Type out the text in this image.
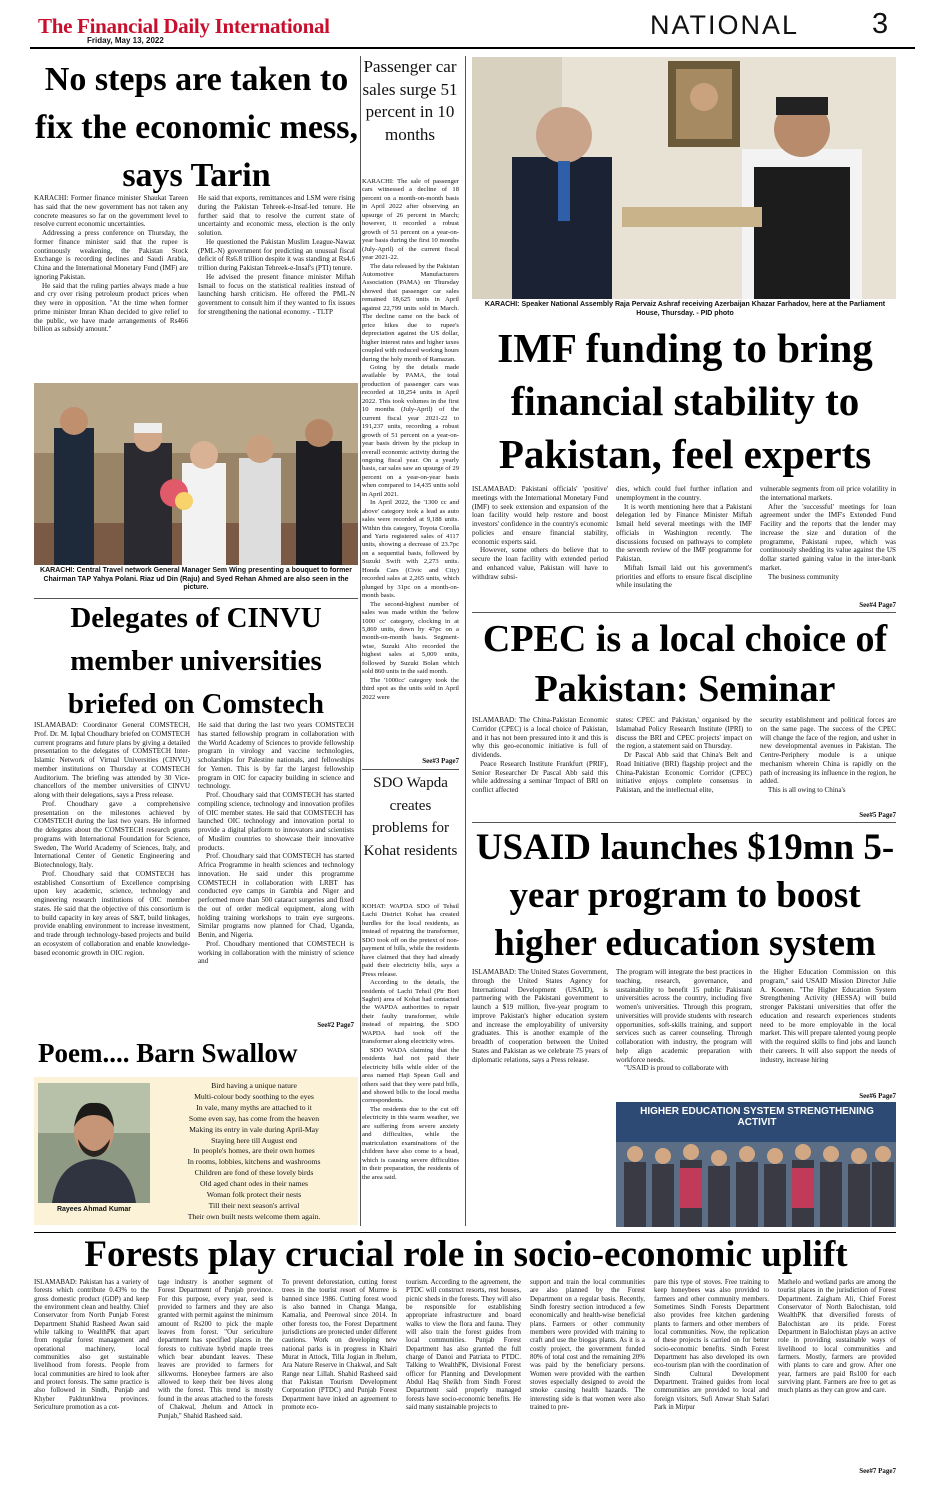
The Financial Daily International
Friday, May 13, 2022
NATIONAL	3
No steps are taken to fix the economic mess, says Tarin

KARACHI: Former finance minister Shaukat Tareen has said that the new government has not taken any concrete measures so far on the government level to resolve current economic uncertainties.

Addressing a press conference on Thursday, the former finance minister said that the rupee is continuously weakening, the Pakistan Stock Exchange is recording declines and Saudi Arabia, China and the International Monetary Fund (IMF) are ignoring Pakistan.

He said that the ruling parties always made a hue and cry over rising petroleum product prices when they were in opposition. "At the time when former prime minister Imran Khan decided to give relief to the public, we have made arrangements of Rs466 billion as subsidy amount."

He said that exports, remittances and LSM were rising during the Pakistan Tehreek-e-Insaf-led tenure. He further said that to resolve the current state of uncertainty and economic mess, election is the only solution.

He questioned the Pakistan Muslim League-Nawaz (PML-N) government for predicting an unusual fiscal deficit of Rs6.8 trillion despite it was standing at Rs4.6 trillion during Pakistan Tehreek-e-Insaf's (PTI) tenure.

He advised the present finance minister Miftah Ismail to focus on the statistical realities instead of launching harsh criticism. He offered the PML-N government to consult him if they wanted to fix issues for strengthening the national economy. - TLTP

KARACHI: Central Travel network General Manager Sem Wing presenting a bouquet to former Chairman TAP Yahya Polani. Riaz ud Din (Raju) and Syed Rehan Ahmed are also seen in the picture.
Passenger car sales surge 51 percent in 10 months

KARACHI: The sale of passenger cars witnessed a decline of 18 percent on a month-on-month basis in April 2022 after observing an upsurge of 26 percent in March; however, it recorded a robust growth of 51 percent on a year-on-year basis during the first 10 months (July-April) of the current fiscal year 2021-22.

The data released by the Pakistan Automotive Manufacturers Association (PAMA) on Thursday showed that passenger car sales remained 18,625 units in April against 22,799 units sold in March. The decline came on the back of price hikes due to rupee's depreciation against the US dollar, higher interest rates and higher taxes coupled with reduced working hours during the holy month of Ramazan.

Going by the details made available by PAMA, the total production of passenger cars was recorded at 18,254 units in April 2022. This took volumes in the first 10 months (July-April) of the current fiscal year 2021-22 to 191,237 units, recording a robust growth of 51 percent on a year-on-year basis driven by the pickup in overall economic activity during the ongoing fiscal year. On a yearly basis, car sales saw an upsurge of 29 percent on a year-on-year basis when compared to 14,435 units sold in April 2021.

In April 2022, the '1300 cc and above' category took a lead as auto sales were recorded at 9,188 units. Within this category, Toyota Corolla and Yaris registered sales of 4117 units, showing a decrease of 23.7pc on a sequential basis, followed by Suzuki Swift with 2,273 units. Honda Cars (Civic and City) recorded sales at 2,265 units, which plunged by 31pc on a month-on-month basis.

The second-highest number of sales was made within the 'below 1000 cc' category, clocking in at 5,869 units, down by 47pc on a month-on-month basis. Segment-wise, Suzuki Alto recorded the highest sales at 5,009 units, followed by Suzuki Bolan which sold 860 units in the said month.

The '1000cc' category took the third spot as the units sold in April 2022 were

See#3 Page7
SDO Wapda creates problems for Kohat residents

KOHAT: WAPDA SDO of Tehsil Lachi District Kohat has created hurdles for the local residents, as instead of repairing the transformer, SDO took off on the pretext of non-payment of bills, while the residents have claimed that they had already paid their electricity bills, says a Press release.

According to the details, the residents of Lachi Tehsil (Pir Bori Saghri) area of Kohat had contacted the WAPDA authorities to repair their faulty transformer, while instead of repairing, the SDO WAPDA had took off the transformer along electricity wires.

SDO WADA claiming that the residents had not paid their electricity bills while elder of the area named Haji Spean Gull and others said that they were paid bills, and showed bills to the local media correspondents.

The residents due to the cut off electricity in this warm weather, we are suffering from severe anxiety and difficulties, while the matriculation examinations of the children have also come to a head, which is causing severe difficulties in their preparation, the residents of the area said.

KARACHI: Speaker National Assembly Raja Pervaiz Ashraf receiving Azerbaijan Khazar Farhadov, here at the Parliament House, Thursday. - PID photo
IMF funding to bring financial stability to Pakistan, feel experts

ISLAMABAD: Pakistani officials' 'positive' meetings with the International Monetary Fund (IMF) to seek extension and expansion of the loan facility would help restore and boost investors' confidence in the country's economic policies and ensure financial stability, economic experts said.

However, some others do believe that to secure the loan facility with extended period and enhanced value, Pakistan will have to withdraw subsi-

dies, which could fuel further inflation and unemployment in the country.

It is worth mentioning here that a Pakistani delegation led by Finance Minister Miftah Ismail held several meetings with the IMF officials in Washington recently. The discussions focused on pathways to complete the seventh review of the IMF programme for Pakistan.

Miftah Ismail laid out his government's priorities and efforts to ensure fiscal discipline while insulating the

vulnerable segments from oil price volatility in the international markets.

After the 'successful' meetings for loan agreement under the IMF's Extended Fund Facility and the reports that the lender may increase the size and duration of the programme, Pakistani rupee, which was continuously shedding its value against the US dollar started gaining value in the inter-bank market.

The business community

See#4 Page7
Delegates of CINVU member universities briefed on Comstech

ISLAMABAD: Coordinator General COMSTECH, Prof. Dr. M. Iqbal Choudhary briefed on COMSTECH current programs and future plans by giving a detailed presentation to the delegates of COMSTECH Inter-Islamic Network of Virtual Universities (CINVU) member institutions on Thursday at COMSTECH Auditorium. The briefing was attended by 30 Vice-chancellors of the member universities of CINVU along with their delegations, says a Press release.

Prof. Choudhary gave a comprehensive presentation on the milestones achieved by COMSTECH during the last two years. He informed the delegates about the COMSTECH research grants programs with International Foundation for Science, Sweden, The World Academy of Sciences, Italy, and International Center of Genetic Engineering and Biotechnology, Italy.

Prof. Choudhary said that COMSTECH has established Consortium of Excellence comprising upon key academic, science, technology and engineering research institutions of OIC member states. He said that the objective of this consortium is to build capacity in key areas of S&T, build linkages, provide enabling environment to increase investment, and trade through technology-based projects and build an ecosystem of collaboration and enable knowledge-based economic growth in OIC region.

He said that during the last two years COMSTECH has started fellowship program in collaboration with the World Academy of Sciences to provide fellowship program in virology and vaccine technologies, scholarships for Palestine nationals, and fellowships for Yemen. This is by far the largest fellowship program in OIC for capacity building in science and technology.

Prof. Choudhary said that COMSTECH has started compiling science, technology and innovation profiles of OIC member states. He said that COMSTECH has launched OIC technology and innovation portal to provide a digital platform to innovators and scientists of Muslim countries to showcase their innovative products.

Prof. Choudhary said that COMSTECH has started Africa Programme in health sciences and technology innovation. He said under this programme COMSTECH in collaboration with LRBT has conducted eye camps in Gambia and Niger and performed more than 500 cataract surgeries and fixed the out of order medical equipment, along with holding training workshops to train eye surgeons. Similar programs now planned for Chad, Uganda, Benin, and Nigeria.

Prof. Choudhary mentioned that COMSTECH is working in collaboration with the ministry of science and

See#2 Page7
CPEC is a local choice of Pakistan: Seminar

ISLAMABAD: The China-Pakistan Economic Corridor (CPEC) is a local choice of Pakistan, and it has not been pressured into it and this is why this geo-economic initiative is full of dividends.

Peace Research Institute Frankfurt (PRIF), Senior Researcher Dr Pascal Abb said this while addressing a seminar 'Impact of BRI on conflict affected

states: CPEC and Pakistan,' organised by the Islamabad Policy Research Institute (IPRI) to discuss the BRI and CPEC projects' impact on the region, a statement said on Thursday.

Dr Pascal Abb said that China's Belt and Road Initiative (BRI) flagship project and the China-Pakistan Economic Corridor (CPEC) initiative enjoys complete consensus in Pakistan, and the intellectual elite,

security establishment and political forces are on the same page. The success of the CPEC will change the face of the region, and usher in new developmental avenues in Pakistan. The Centre-Periphery module is a unique mechanism wherein China is rapidly on the path of increasing its influence in the region, he added.

This is all owing to China's

See#5 Page7
USAID launches $19mn 5-year program to boost higher education system

ISLAMABAD: The United States Government, through the United States Agency for International Development (USAID), is partnering with the Pakistani government to launch a $19 million, five-year program to improve Pakistan's higher education system and increase the employability of university graduates. This is another example of the breadth of cooperation between the United States and Pakistan as we celebrate 75 years of diplomatic relations, says a Press release.

The program will integrate the best practices in teaching, research, governance, and sustainability to benefit 15 public Pakistani universities across the country, including five women's universities. Through this program, universities will provide students with research opportunities, soft-skills training, and support services such as career counseling. Through collaboration with industry, the program will help align academic preparation with workforce needs.

"USAID is proud to collaborate with

the Higher Education Commission on this program," said USAID Mission Director Julie A. Koenen. "The Higher Education System Strengthening Activity (HESSA) will build stronger Pakistani universities that offer the education and research experiences students need to be more employable in the local market. This will prepare talented young people with the required skills to find jobs and launch their careers. It will also support the needs of industry, increase hiring

See#6 Page7
HIGHER EDUCATION SYSTEM STRENGTHENING ACTIVIT
Poem.... Barn Swallow
Rayees Ahmad Kumar
Bird having a unique nature
Multi-colour body soothing to the eyes
In vale, many myths are attached to it
Some even say, has come from the heaven
Making its entry in vale during April-May
Staying here till August end
In people's homes, are their own homes
In rooms, lobbies, kitchens and washrooms
Children are fond of these lovely birds
Old aged chant odes in their names
Woman folk protect their nests
Till their next season's arrival
Their own built nests welcome them again.
Forests play crucial role in socio-economic uplift

ISLAMABAD: Pakistan has a variety of forests which contribute 0.43% to the gross domestic product (GDP) and keep the environment clean and healthy. Chief Conservator from North Punjab Forest Department Shahid Rasheed Awan said while talking to WealthPK that apart from regular forest management and operational machinery, local communities also get sustainable livelihood from forests. People from local communities are hired to look after and protect forests. The same practice is also followed in Sindh, Punjab and Khyber Pakhtunkhwa provinces. Sericulture promotion as a cot-

tage industry is another segment of Forest Department of Punjab province. For this purpose, every year, seed is provided to farmers and they are also granted with permit against the minimum amount of Rs200 to pick the maple leaves from forest. "Our sericulture department has specified places in the forests to cultivate hybrid maple trees which bear abundant leaves. These leaves are provided to farmers for silkworms. Honeybee farmers are also allowed to keep their bee hives along with the forest. This trend is mostly found in the areas attached to the forests of Chakwal, Jhelum and Attock in Punjab," Shahid Rasheed said.

To prevent deforestation, cutting forest trees in the tourist resort of Murree is banned since 1986. Cutting forest wood is also banned in Changa Manga, Kamalia, and Peerowal since 2014. In other forests too, the Forest Department jurisdictions are protected under different cautions. Work on developing new national parks is in progress in Khairi Murat in Attock, Tilla Jogian in Jhelum, Ara Nature Reserve in Chakwal, and Salt Range near Lillah. Shahid Rasheed said that Pakistan Tourism Development Corporation (PTDC) and Punjab Forest Department have inked an agreement to promote eco-

tourism. According to the agreement, the PTDC will construct resorts, rest houses, picnic sheds in the forests. They will also be responsible for establishing appropriate infrastructure and board walks to view the flora and fauna. They will also train the forest guides from local communities. Punjab Forest Department has also granted the full charge of Danoi and Patriata to PTDC. Talking to WealthPK, Divisional Forest officer for Planning and Development Abdul Haq Sheikh from Sindh Forest Department said properly managed forests have socio-economic benefits. He said many sustainable projects to

support and train the local communities are also planned by the Forest Department on a regular basis. Recently, Sindh forestry section introduced a few economically and health-wise beneficial plans. Farmers or other community members were provided with training to craft and use the biogas plants. As it is a costly project, the government funded 80% of total cost and the remaining 20% was paid by the beneficiary persons. Women were provided with the earthen stoves especially designed to avoid the smoke causing health hazards. The interesting side is that women were also trained to pre-

pare this type of stoves. Free training to keep honeybees was also provided to farmers and other community members. Sometimes Sindh Forests Department also provides free kitchen gardening plants to farmers and other members of local communities. Now, the replication of these projects is carried on for better socio-economic benefits. Sindh Forest Department has also developed its own eco-tourism plan with the coordination of Sindh Cultural Development Department. Trained guides from local communities are provided to local and foreign visitors. Sufi Anwar Shah Safari Park in Mirpur

Mathelo and wetland parks are among the tourist places in the jurisdiction of Forest Department. Zaigham Ali, Chief Forest Conservator of North Balochistan, told WealthPK that diversified forests of Balochistan are its pride. Forest Department in Balochistan plays an active role in providing sustainable ways of livelihood to local communities and farmers. Mostly, farmers are provided with plants to care and grow. After one year, farmers are paid Rs100 for each surviving plant. Farmers are free to get as much plants as they can grow and care.

See#7 Page7
